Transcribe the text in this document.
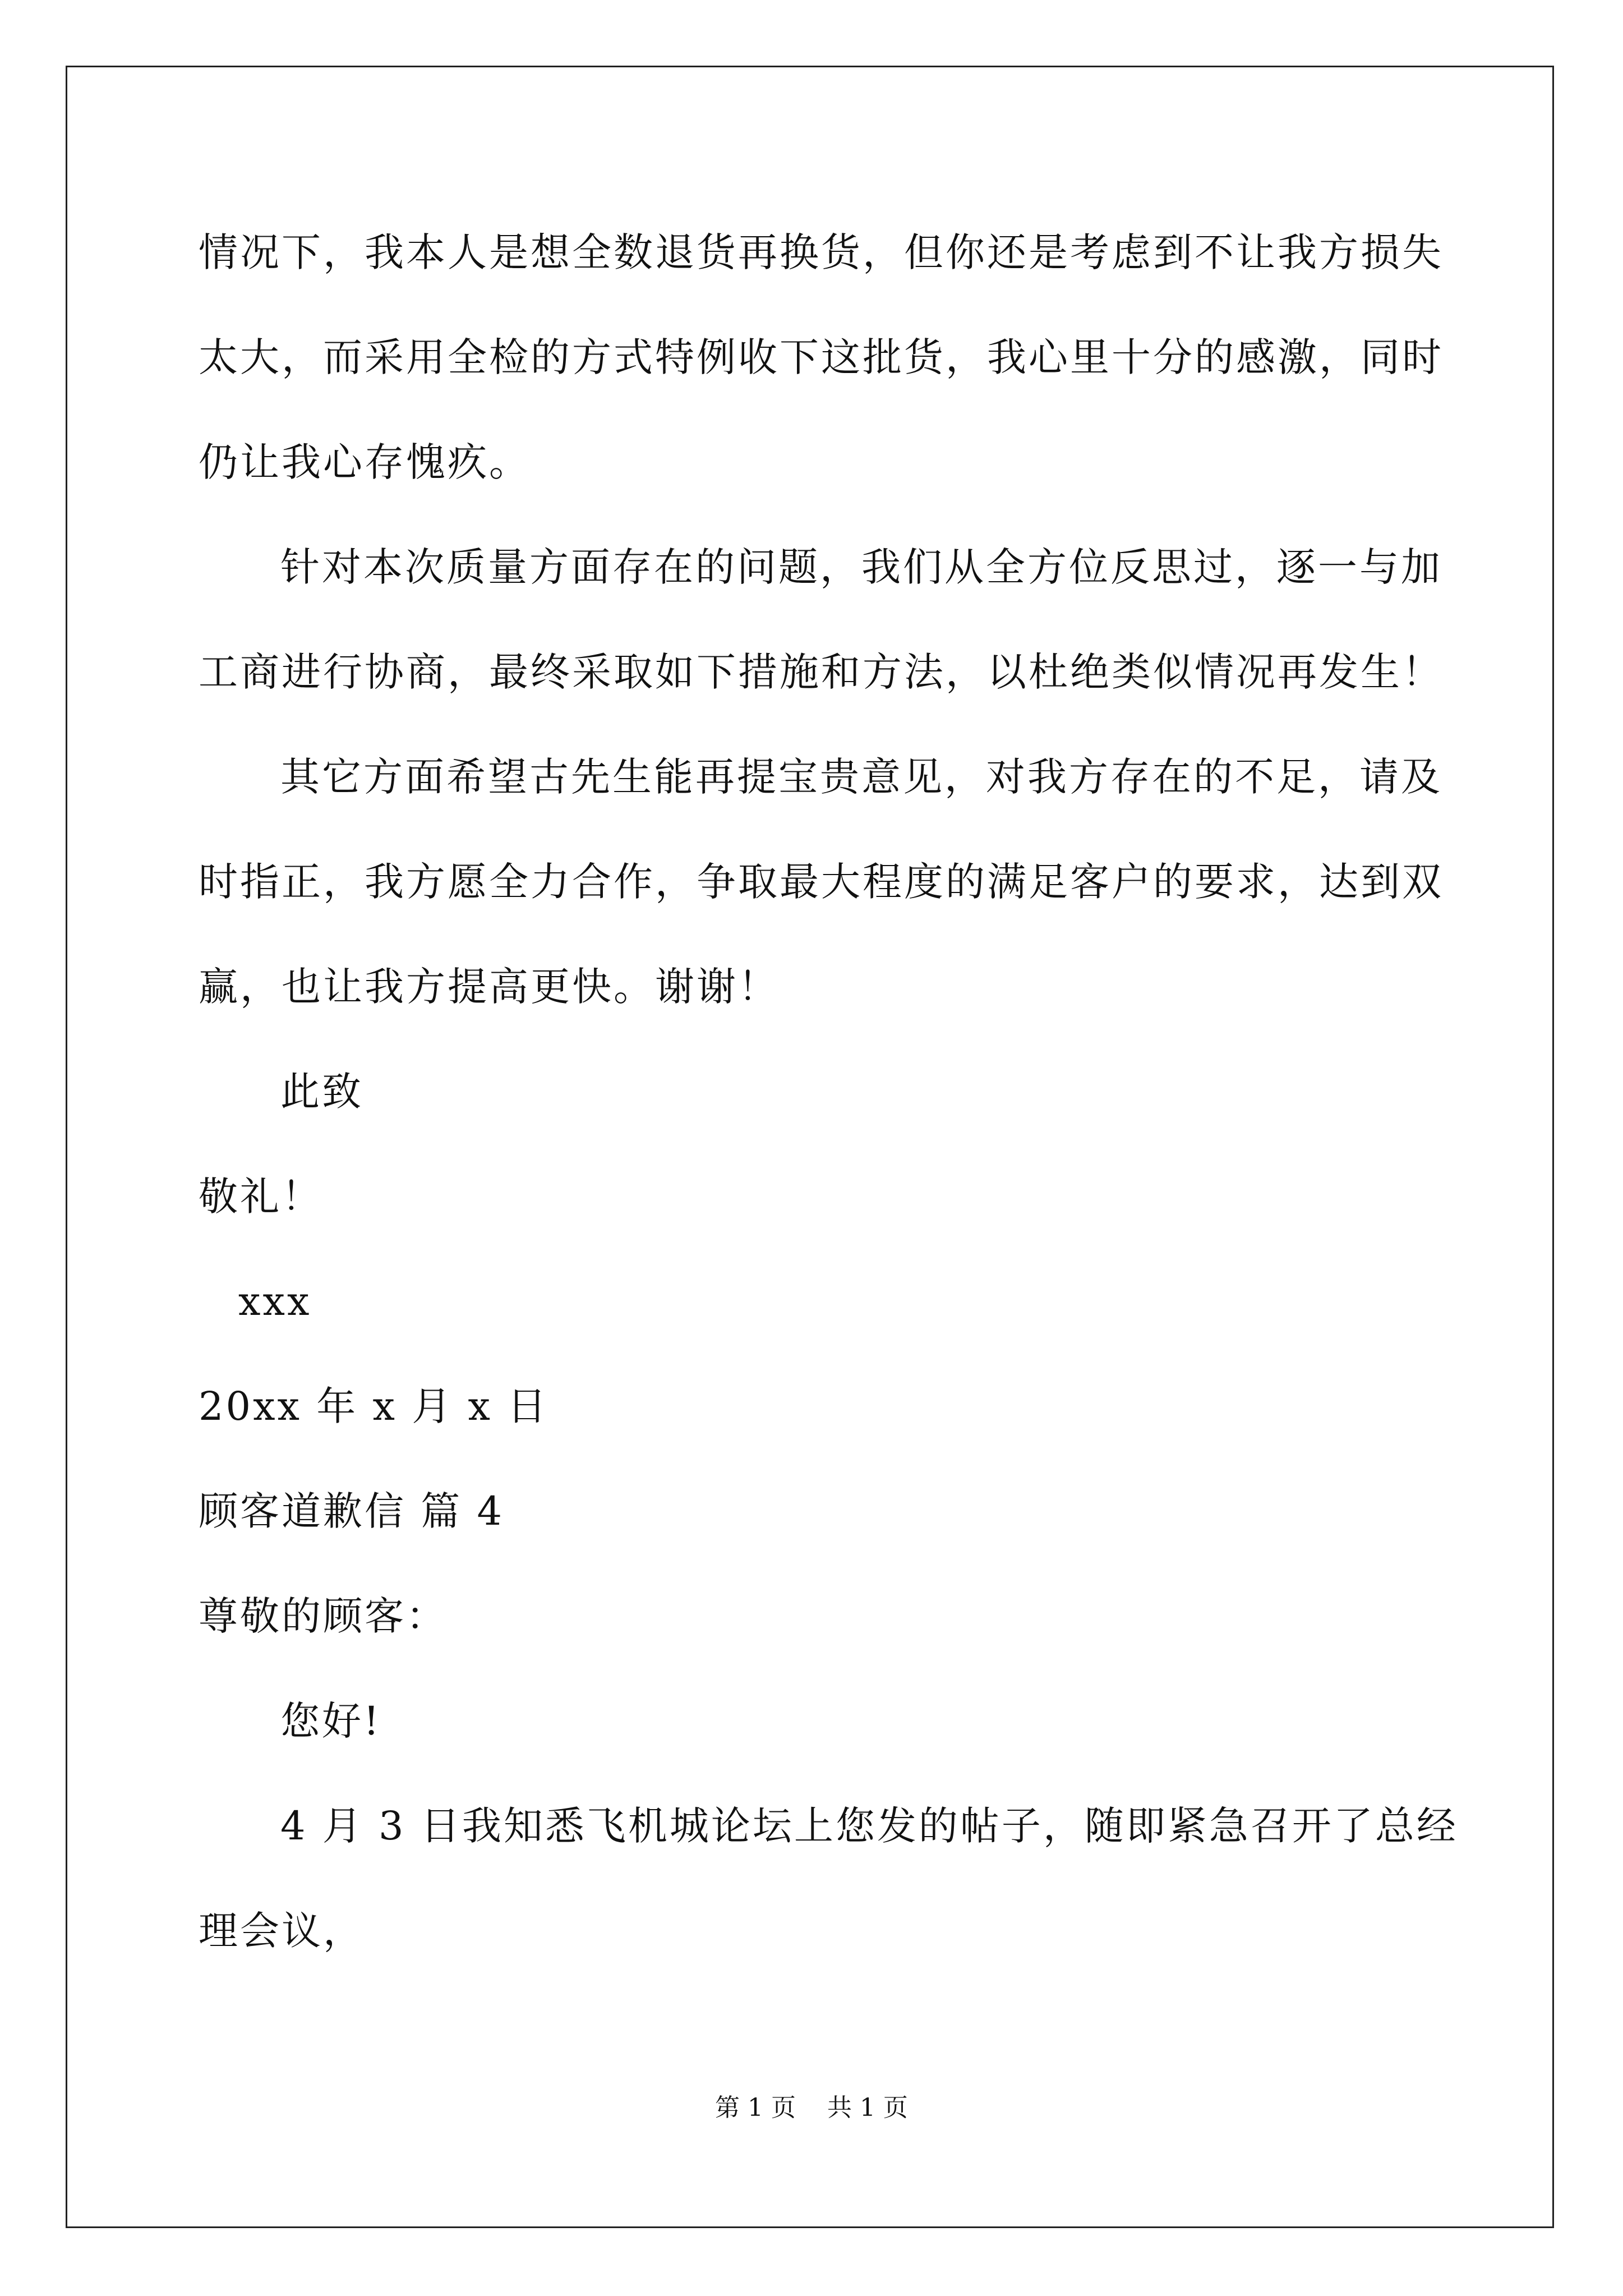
情况下，我本人是想全数退货再换货，但你还是考虑到不让我方损失
太大，而采用全检的方式特例收下这批货，我心里十分的感激，同时
仍让我心存愧疚。
针对本次质量方面存在的问题，我们从全方位反思过，逐一与加
工商进行协商，最终采取如下措施和方法，以杜绝类似情况再发生！
其它方面希望古先生能再提宝贵意见，对我方存在的不足，请及
时指正，我方愿全力合作，争取最大程度的满足客户的要求，达到双
赢，也让我方提高更快。谢谢！
此致
敬礼！
xxx
20xx 年 x 月 x 日
顾客道歉信 篇 4
尊敬的顾客：
您好!
4 月 3 日我知悉飞机城论坛上您发的帖子，随即紧急召开了总经
理会议，
第 1 页    共 1 页
